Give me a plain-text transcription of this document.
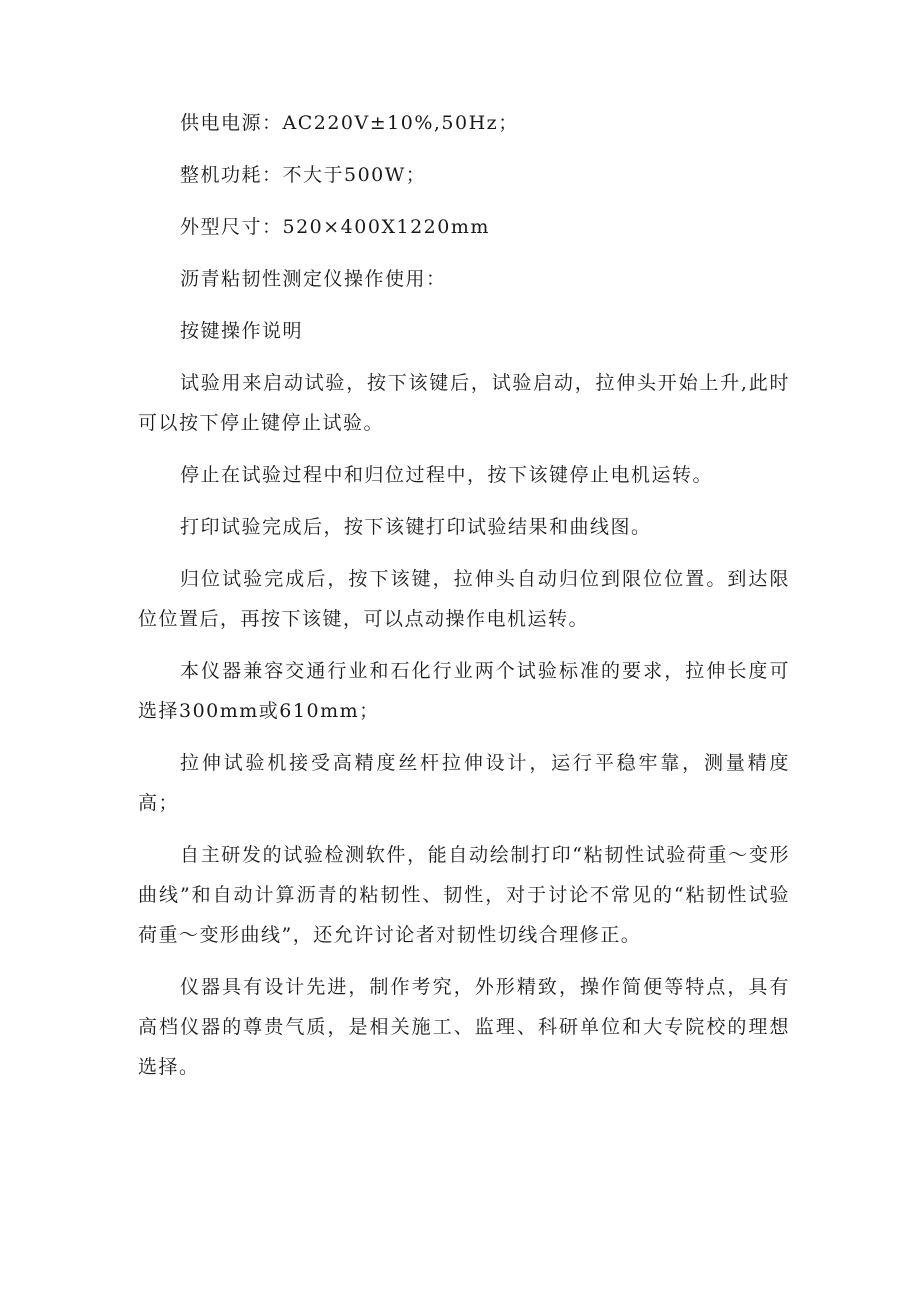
供电电源：AC220V±10%,50Hz；

整机功耗：不大于500W；

外型尺寸：520×400X1220mm

沥青粘韧性测定仪操作使用：

按键操作说明

试验用来启动试验，按下该键后，试验启动，拉伸头开始上升,此时可以按下停止键停止试验。

停止在试验过程中和归位过程中，按下该键停止电机运转。

打印试验完成后，按下该键打印试验结果和曲线图。

归位试验完成后，按下该键，拉伸头自动归位到限位位置。到达限位位置后，再按下该键，可以点动操作电机运转。

本仪器兼容交通行业和石化行业两个试验标准的要求，拉伸长度可选择300mm或610mm；

拉伸试验机接受高精度丝杆拉伸设计，运行平稳牢靠，测量精度高；

自主研发的试验检测软件，能自动绘制打印“粘韧性试验荷重～变形曲线”和自动计算沥青的粘韧性、韧性，对于讨论不常见的“粘韧性试验荷重～变形曲线”，还允许讨论者对韧性切线合理修正。

仪器具有设计先进，制作考究，外形精致，操作简便等特点，具有高档仪器的尊贵气质，是相关施工、监理、科研单位和大专院校的理想选择。
